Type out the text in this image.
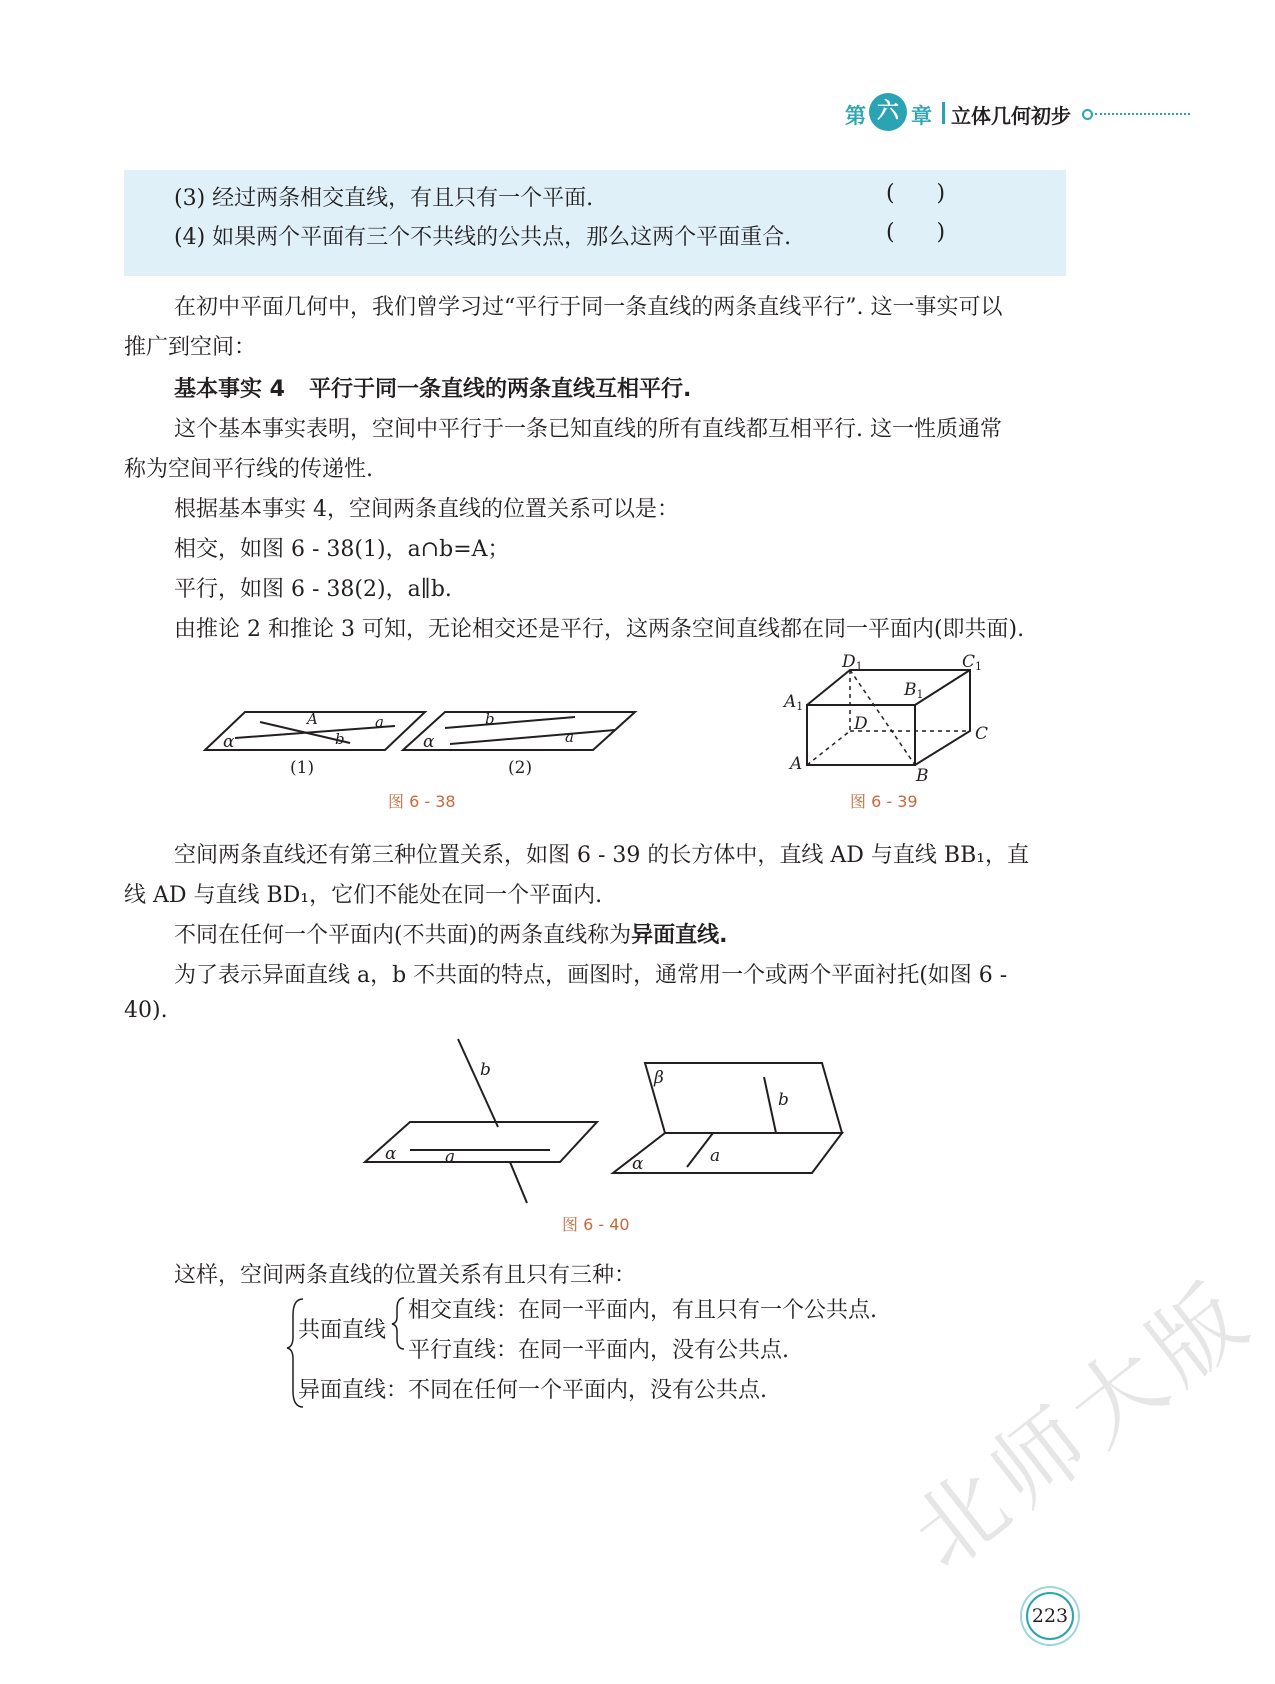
第 六 章 立体几何初步
(3) 经过两条相交直线，有且只有一个平面.	(      )
(4) 如果两个平面有三个不共线的公共点，那么这两个平面重合.	(      )
在初中平面几何中，我们曾学习过“平行于同一条直线的两条直线平行”. 这一事实可以
推广到空间：
基本事实 4 平行于同一条直线的两条直线互相平行.
这个基本事实表明，空间中平行于一条已知直线的所有直线都互相平行. 这一性质通常
称为空间平行线的传递性.
根据基本事实 4，空间两条直线的位置关系可以是：
相交，如图 6 - 38(1)，a∩b=A；
平行，如图 6 - 38(2)，a∥b.
由推论 2 和推论 3 可知，无论相交还是平行，这两条空间直线都在同一平面内(即共面).
α
A	a
b	α
b
a
(1)	(2)
图 6 - 38
D1	C1
B1
A1
D	C
A
B
图 6 - 39
空间两条直线还有第三种位置关系，如图 6 - 39 的长方体中，直线 AD 与直线 BB₁，直
线 AD 与直线 BD₁，它们不能处在同一个平面内.
不同在任何一个平面内(不共面)的两条直线称为异面直线.
为了表示异面直线 a，b 不共面的特点，画图时，通常用一个或两个平面衬托(如图 6 -
40).
b
α	a
β
b
α	a
图 6 - 40
这样，空间两条直线的位置关系有且只有三种：
共面直线
相交直线：在同一平面内，有且只有一个公共点.
平行直线：在同一平面内，没有公共点.
异面直线：不同在任何一个平面内，没有公共点. 北师大版
223
